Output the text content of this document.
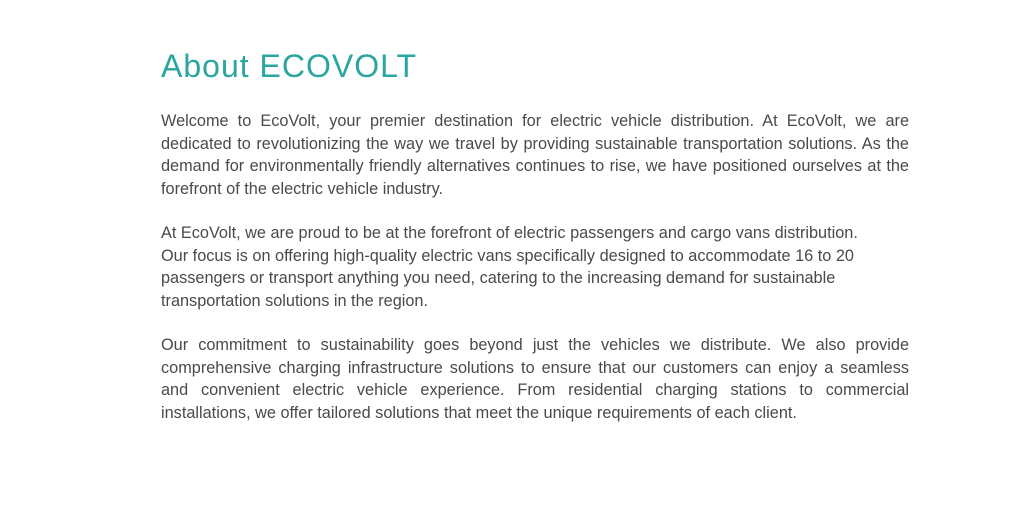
About ECOVOLT

Welcome to EcoVolt, your premier destination for electric vehicle distribution. At EcoVolt, we are dedicated to revolutionizing the way we travel by providing sustainable transportation solutions. As the demand for environmentally friendly alternatives continues to rise, we have positioned ourselves at the forefront of the electric vehicle industry.

At EcoVolt, we are proud to be at the forefront of electric passengers and cargo vans distribution. Our focus is on offering high-quality electric vans specifically designed to accommodate 16 to 20 passengers or transport anything you need, catering to the increasing demand for sustainable transportation solutions in the region.

Our commitment to sustainability goes beyond just the vehicles we distribute. We also provide comprehensive charging infrastructure solutions to ensure that our customers can enjoy a seamless and convenient electric vehicle experience. From residential charging stations to commercial installations, we offer tailored solutions that meet the unique requirements of each client.
